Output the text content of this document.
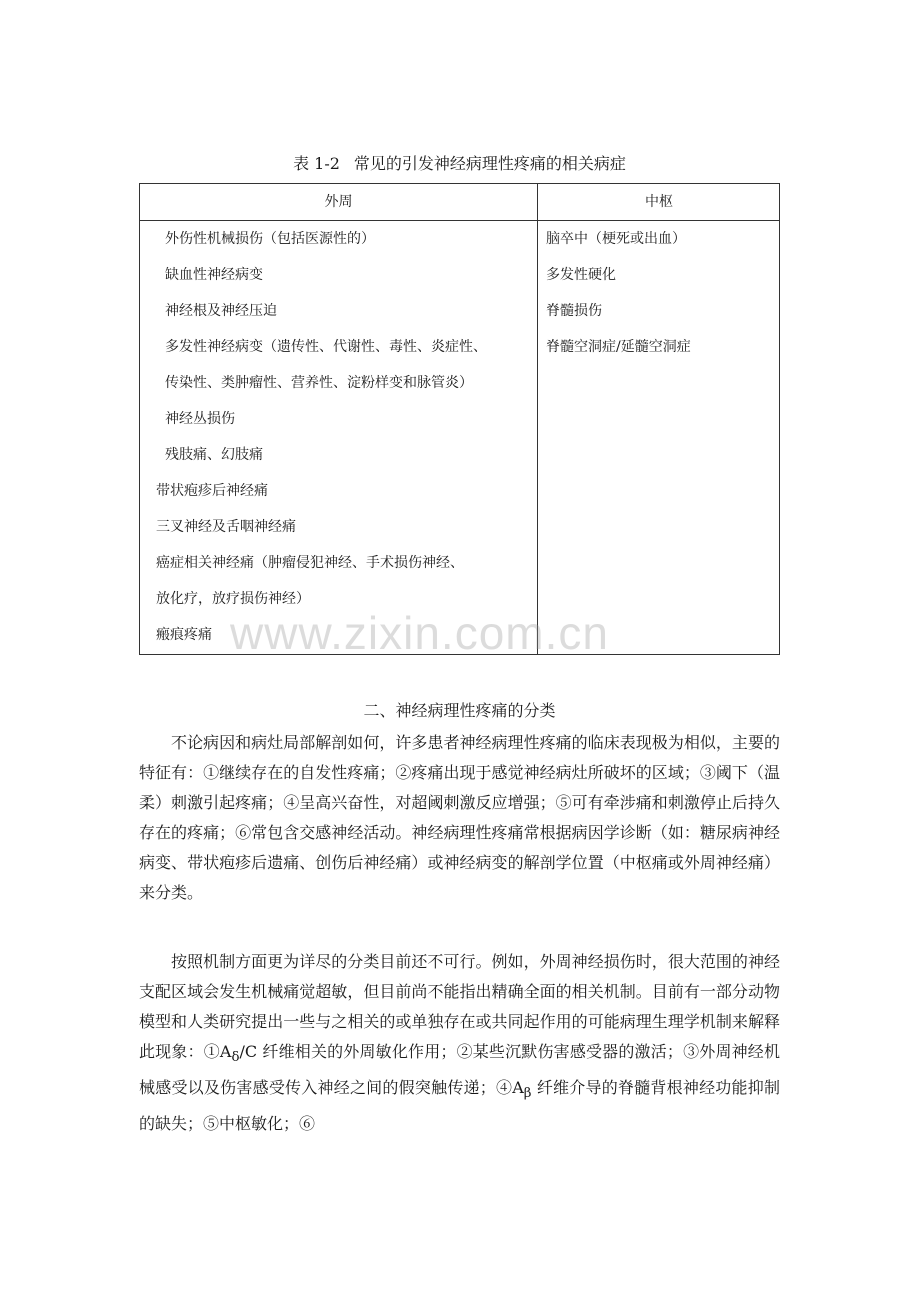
表 1-2 常见的引发神经病理性疼痛的相关病症
外周	中枢
外伤性机械损伤（包括医源性的）
缺血性神经病变
神经根及神经压迫
多发性神经病变（遗传性、代谢性、毒性、炎症性、
传染性、类肿瘤性、营养性、淀粉样变和脉管炎）
神经丛损伤
残肢痛、幻肢痛
带状疱疹后神经痛
三叉神经及舌咽神经痛
癌症相关神经痛（肿瘤侵犯神经、手术损伤神经、
放化疗，放疗损伤神经）
瘢痕疼痛
脑卒中（梗死或出血）
多发性硬化
脊髓损伤
脊髓空洞症/延髓空洞症
www.zixin.com.cn
二、神经病理性疼痛的分类

不论病因和病灶局部解剖如何，许多患者神经病理性疼痛的临床表现极为相似，主要的特征有：①继续存在的自发性疼痛；②疼痛出现于感觉神经病灶所破坏的区域；③阈下（温柔）刺激引起疼痛；④呈高兴奋性，对超阈刺激反应增强；⑤可有牵涉痛和刺激停止后持久存在的疼痛；⑥常包含交感神经活动。神经病理性疼痛常根据病因学诊断（如：糖尿病神经病变、带状疱疹后遗痛、创伤后神经痛）或神经病变的解剖学位置（中枢痛或外周神经痛）来分类。

按照机制方面更为详尽的分类目前还不可行。例如，外周神经损伤时，很大范围的神经支配区域会发生机械痛觉超敏，但目前尚不能指出精确全面的相关机制。目前有一部分动物模型和人类研究提出一些与之相关的或单独存在或共同起作用的可能病理生理学机制来解释此现象：$①A_\delta/C$ 纤维相关的外周敏化作用；②某些沉默伤害感受器的激活；③外周神经机械感受以及伤害感受传入神经之间的假突触传递；$④A_\beta$ 纤维介导的脊髓背根神经功能抑制的缺失；⑤中枢敏化；⑥
